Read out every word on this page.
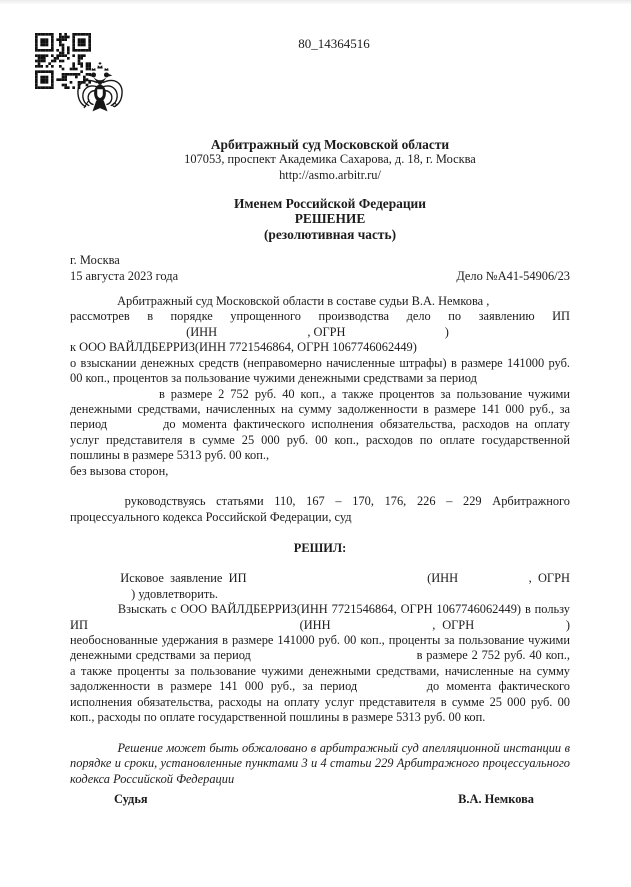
80_14364516
Арбитражный суд Московской области
107053, проспект Академика Сахарова, д. 18, г. Москва
http://asmo.arbitr.ru/
Именем Российской Федерации
РЕШЕНИЕ
(резолютивная часть)
г. Москва
15 августа 2023 года	Дело №А41-54906/23
Арбитражный суд Московской области в составе судьи В.А. Немкова ,
рассмотрев в порядке упрощенного производства дело по заявлению ИП
(ИНН	, ОГРН	)
к ООО ВАЙЛДБЕРРИЗ(ИНН 7721546864, ОГРН 1067746062449)
о взыскании денежных средств (неправомерно начисленные штрафы) в размере 141000 руб.
00 коп., процентов за пользование чужими денежными средствами за период
в размере 2 752 руб. 40 коп., а также процентов за пользование чужими
денежными средствами, начисленных на сумму задолженности в размере 141 000 руб., за
период	до момента фактического исполнения обязательства, расходов на оплату
услуг представителя в сумме 25 000 руб. 00 коп., расходов по оплате государственной
пошлины в размере 5313 руб. 00 коп.,
без вызова сторон,

руководствуясь статьями 110, 167 – 170, 176, 226 – 229 Арбитражного
процессуального кодекса Российской Федерации, суд

РЕШИЛ:

Исковое заявление ИП	(ИНН	, ОГРН
) удовлетворить.
Взыскать с ООО ВАЙЛДБЕРРИЗ(ИНН 7721546864, ОГРН 1067746062449) в пользу
ИП	(ИНН	, ОГРН	)
необоснованные удержания в размере 141000 руб. 00 коп., проценты за пользование чужими
денежными средствами за период	в размере 2 752 руб. 40 коп.,
а также проценты за пользование чужими денежными средствами, начисленные на сумму
задолженности в размере 141 000 руб., за период	до момента фактического
исполнения обязательства, расходы на оплату услуг представителя в сумме 25 000 руб. 00
коп., расходы по оплате государственной пошлины в размере 5313 руб. 00 коп.

Решение может быть обжаловано в арбитражный суд апелляционной инстанции в
порядке и сроки, установленные пунктами 3 и 4 статьи 229 Арбитражного процессуального
кодекса Российской Федерации
Судья	В.А. Немкова
